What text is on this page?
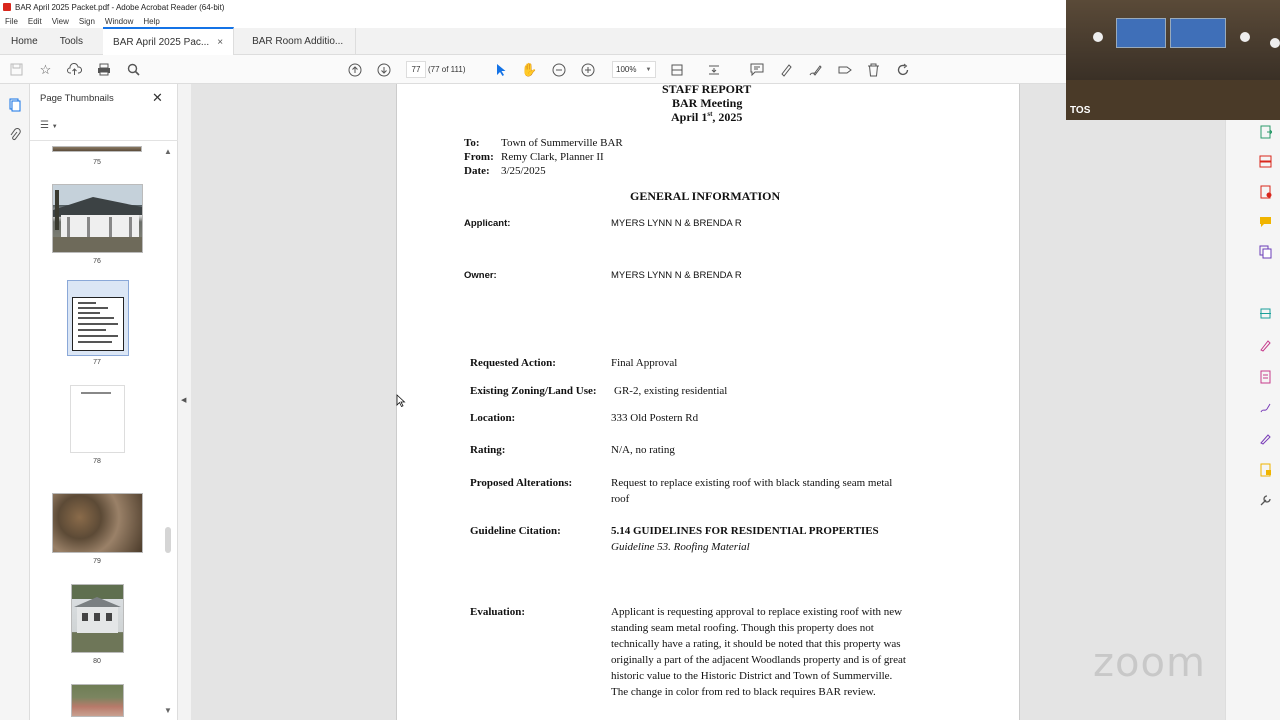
BAR April 2025 Packet.pdf - Adobe Acrobat Reader (64-bit)
File Edit View Sign Window Help
Home	Tools	BAR April 2025 Pac... ×	BAR Room Additio...
☆	77 (77 of 111)	✋	100% ▼
Page Thumbnails	✕
☰ ▼
75
76
77
78
79
80
▲
▼
◀
STAFF REPORT
BAR Meeting
April 1st, 2025
To: Town of Summerville BAR
From: Remy Clark, Planner II
Date: 3/25/2025
GENERAL INFORMATION
Applicant:	MYERS LYNN N & BRENDA R
Owner:	MYERS LYNN N & BRENDA R
Requested Action:	Final Approval
Existing Zoning/Land Use: GR-2, existing residential
Location:	333 Old Postern Rd
Rating:	N/A, no rating
Proposed Alterations:	Request to replace existing roof with black standing seam metal
roof
Guideline Citation:	5.14 GUIDELINES FOR RESIDENTIAL PROPERTIES
Guideline 53. Roofing Material
Evaluation:	Applicant is requesting approval to replace existing roof with new
standing seam metal roofing. Though this property does not
technically have a rating, it should be noted that this property was
originally a part of the adjacent Woodlands property and is of great
historic value to the Historic District and Town of Summerville.
The change in color from red to black requires BAR review.
TOS
zoom
